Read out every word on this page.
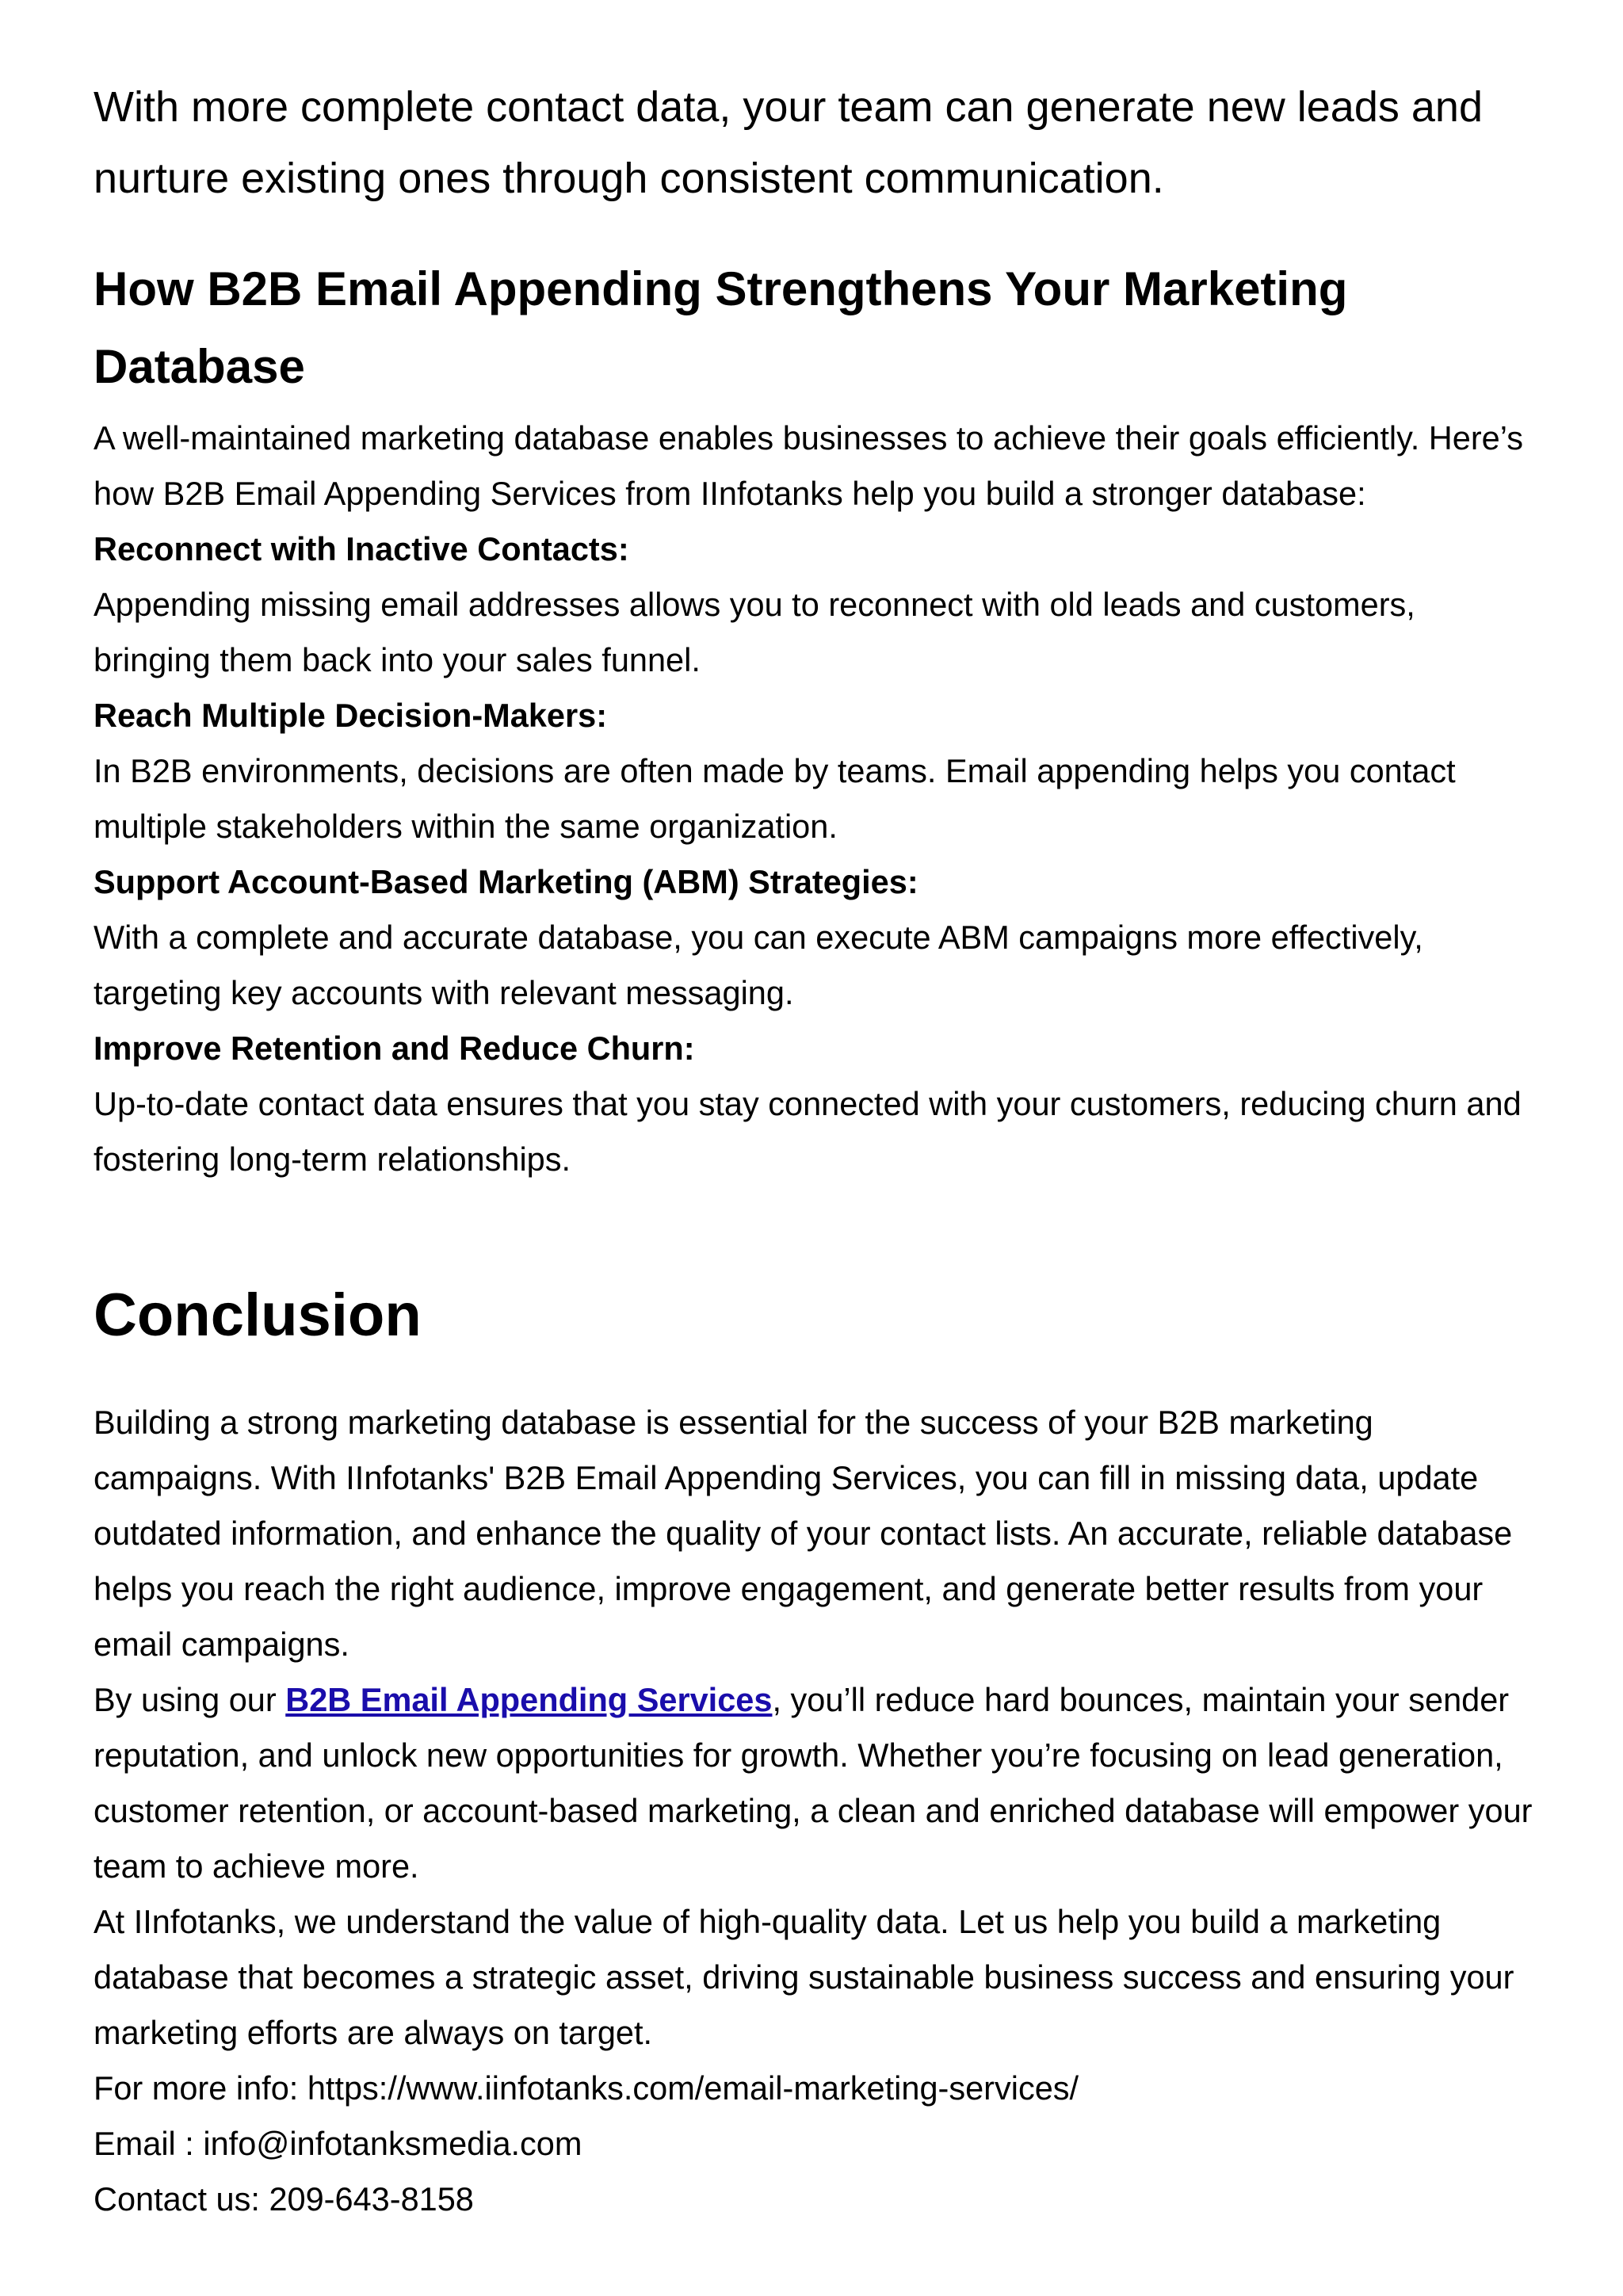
With more complete contact data, your team can generate new leads and nurture existing ones through consistent communication.

How B2B Email Appending Strengthens Your Marketing Database

A well-maintained marketing database enables businesses to achieve their goals efficiently. Here’s how B2B Email Appending Services from IInfotanks help you build a stronger database:

Reconnect with Inactive Contacts:

Appending missing email addresses allows you to reconnect with old leads and customers, bringing them back into your sales funnel.

Reach Multiple Decision-Makers:

In B2B environments, decisions are often made by teams. Email appending helps you contact multiple stakeholders within the same organization.

Support Account-Based Marketing (ABM) Strategies:

With a complete and accurate database, you can execute ABM campaigns more effectively, targeting key accounts with relevant messaging.

Improve Retention and Reduce Churn:

Up-to-date contact data ensures that you stay connected with your customers, reducing churn and fostering long-term relationships.

Conclusion

Building a strong marketing database is essential for the success of your B2B marketing campaigns. With IInfotanks' B2B Email Appending Services, you can fill in missing data, update outdated information, and enhance the quality of your contact lists. An accurate, reliable database helps you reach the right audience, improve engagement, and generate better results from your email campaigns.

By using our B2B Email Appending Services, you’ll reduce hard bounces, maintain your sender reputation, and unlock new opportunities for growth. Whether you’re focusing on lead generation, customer retention, or account-based marketing, a clean and enriched database will empower your team to achieve more.

At IInfotanks, we understand the value of high-quality data. Let us help you build a marketing database that becomes a strategic asset, driving sustainable business success and ensuring your marketing efforts are always on target.

For more info: https://www.iinfotanks.com/email-marketing-services/

Email : info@infotanksmedia.com

Contact us: 209-643-8158
